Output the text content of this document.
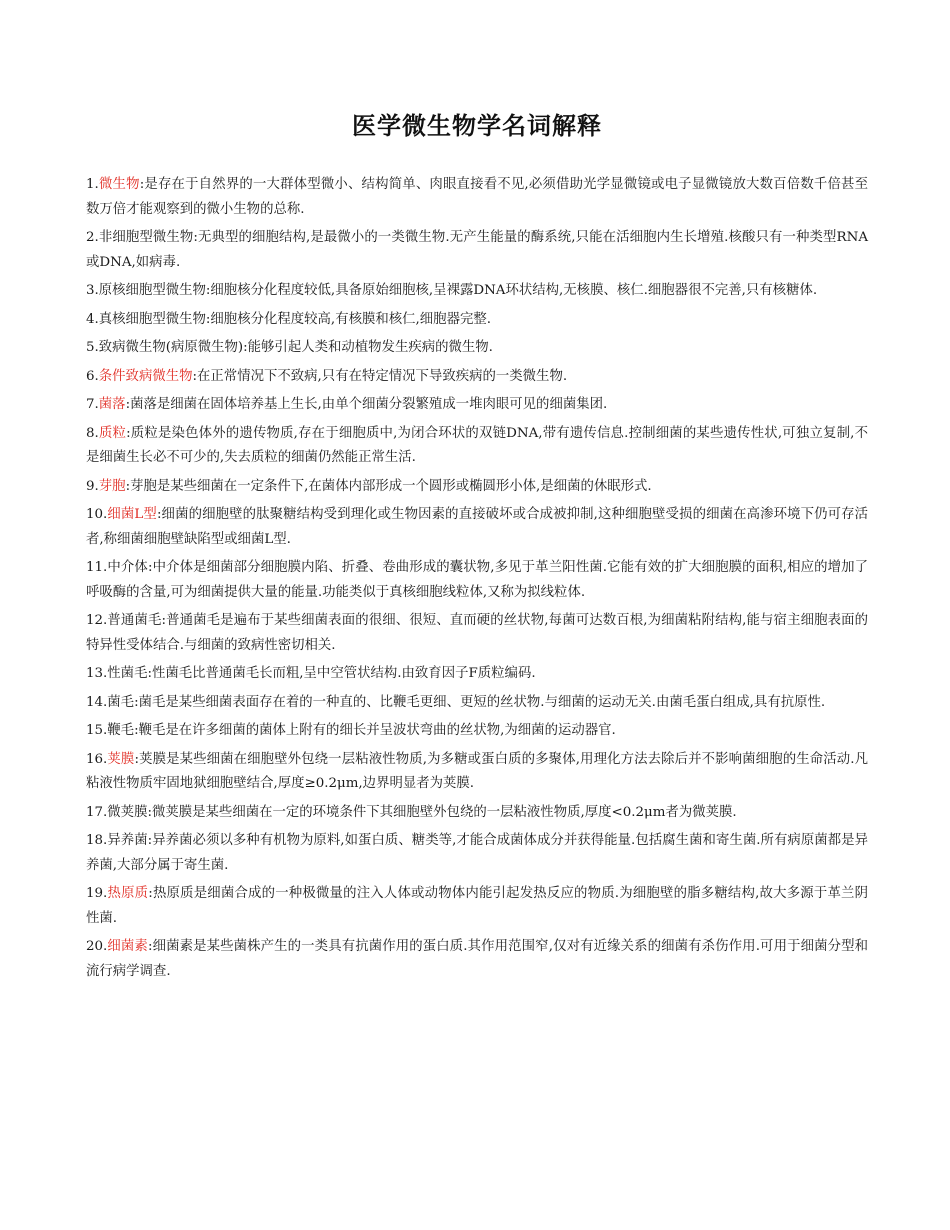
医学微生物学名词解释

1.微生物:是存在于自然界的一大群体型微小、结构简单、肉眼直接看不见,必须借助光学显微镜或电子显微镜放大数百倍数千倍甚至数万倍才能观察到的微小生物的总称.

2.非细胞型微生物:无典型的细胞结构,是最微小的一类微生物.无产生能量的酶系统,只能在活细胞内生长增殖.核酸只有一种类型RNA或DNA,如病毒.

3.原核细胞型微生物:细胞核分化程度较低,具备原始细胞核,呈裸露DNA环状结构,无核膜、核仁.细胞器很不完善,只有核糖体.

4.真核细胞型微生物:细胞核分化程度较高,有核膜和核仁,细胞器完整.

5.致病微生物(病原微生物):能够引起人类和动植物发生疾病的微生物.

6.条件致病微生物:在正常情况下不致病,只有在特定情况下导致疾病的一类微生物.

7.菌落:菌落是细菌在固体培养基上生长,由单个细菌分裂繁殖成一堆肉眼可见的细菌集团.

8.质粒:质粒是染色体外的遗传物质,存在于细胞质中,为闭合环状的双链DNA,带有遗传信息.控制细菌的某些遗传性状,可独立复制,不是细菌生长必不可少的,失去质粒的细菌仍然能正常生活.

9.芽胞:芽胞是某些细菌在一定条件下,在菌体内部形成一个圆形或椭圆形小体,是细菌的休眠形式.

10.细菌L型:细菌的细胞壁的肽聚糖结构受到理化或生物因素的直接破坏或合成被抑制,这种细胞壁受损的细菌在高渗环境下仍可存活者,称细菌细胞壁缺陷型或细菌L型.

11.中介体:中介体是细菌部分细胞膜内陷、折叠、卷曲形成的囊状物,多见于革兰阳性菌.它能有效的扩大细胞膜的面积,相应的增加了呼吸酶的含量,可为细菌提供大量的能量.功能类似于真核细胞线粒体,又称为拟线粒体.

12.普通菌毛:普通菌毛是遍布于某些细菌表面的很细、很短、直而硬的丝状物,每菌可达数百根,为细菌粘附结构,能与宿主细胞表面的特异性受体结合.与细菌的致病性密切相关.

13.性菌毛:性菌毛比普通菌毛长而粗,呈中空管状结构.由致育因子F质粒编码.

14.菌毛:菌毛是某些细菌表面存在着的一种直的、比鞭毛更细、更短的丝状物.与细菌的运动无关.由菌毛蛋白组成,具有抗原性.

15.鞭毛:鞭毛是在许多细菌的菌体上附有的细长并呈波状弯曲的丝状物,为细菌的运动器官.

16.荚膜:荚膜是某些细菌在细胞壁外包绕一层粘液性物质,为多糖或蛋白质的多聚体,用理化方法去除后并不影响菌细胞的生命活动.凡粘液性物质牢固地狱细胞壁结合,厚度≥0.2μm,边界明显者为荚膜.

17.微荚膜:微荚膜是某些细菌在一定的环境条件下其细胞壁外包绕的一层粘液性物质,厚度<0.2μm者为微荚膜.

18.异养菌:异养菌必须以多种有机物为原料,如蛋白质、糖类等,才能合成菌体成分并获得能量.包括腐生菌和寄生菌.所有病原菌都是异养菌,大部分属于寄生菌.

19.热原质:热原质是细菌合成的一种极微量的注入人体或动物体内能引起发热反应的物质.为细胞壁的脂多糖结构,故大多源于革兰阴性菌.

20.细菌素:细菌素是某些菌株产生的一类具有抗菌作用的蛋白质.其作用范围窄,仅对有近缘关系的细菌有杀伤作用.可用于细菌分型和流行病学调查.
